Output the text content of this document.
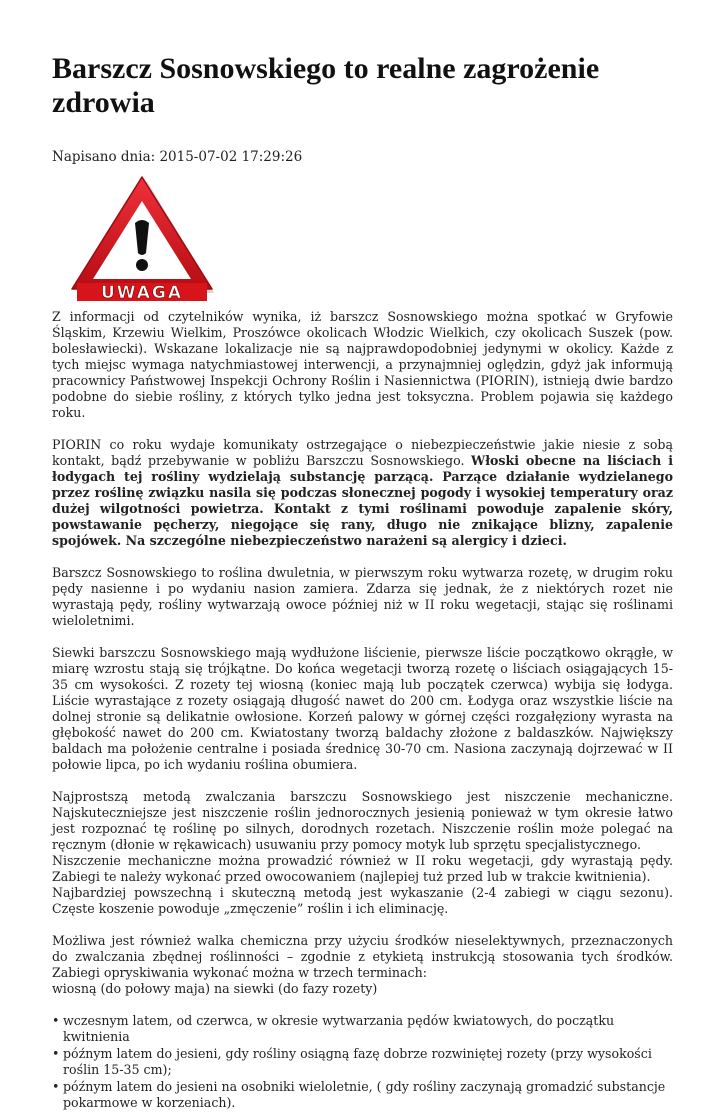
Barszcz Sosnowskiego to realne zagrożenie zdrowia
Napisano dnia: 2015-07-02 17:29:26
UWAGA

Z informacji od czytelników wynika, iż barszcz Sosnowskiego można spotkać w Gryfowie Śląskim, Krzewiu Wielkim, Proszówce okolicach Włodzic Wielkich, czy okolicach Suszek (pow. bolesławiecki). Wskazane lokalizacje nie są najprawdopodobniej jedynymi w okolicy. Każde z tych miejsc wymaga natychmiastowej interwencji, a przynajmniej oględzin, gdyż jak informują pracownicy Państwowej Inspekcji Ochrony Roślin i Nasiennictwa (PIORIN), istnieją dwie bardzo podobne do siebie rośliny, z których tylko jedna jest toksyczna. Problem pojawia się każdego roku.

PIORIN co roku wydaje komunikaty ostrzegające o niebezpieczeństwie jakie niesie z sobą kontakt, bądź przebywanie w pobliżu Barszczu Sosnowskiego. Włoski obecne na liściach i łodygach tej rośliny wydzielają substancję parzącą. Parzące działanie wydzielanego przez roślinę związku nasila się podczas słonecznej pogody i wysokiej temperatury oraz dużej wilgotności powietrza. Kontakt z tymi roślinami powoduje zapalenie skóry, powstawanie pęcherzy, niegojące się rany, długo nie znikające blizny, zapalenie spojówek. Na szczególne niebezpieczeństwo narażeni są alergicy i dzieci.

Barszcz Sosnowskiego to roślina dwuletnia, w pierwszym roku wytwarza rozetę, w drugim roku pędy nasienne i po wydaniu nasion zamiera. Zdarza się jednak, że z niektórych rozet nie wyrastają pędy, rośliny wytwarzają owoce później niż w II roku wegetacji, stając się roślinami wieloletnimi.

Siewki barszczu Sosnowskiego mają wydłużone liścienie, pierwsze liście początkowo okrągłe, w miarę wzrostu stają się trójkątne. Do końca wegetacji tworzą rozetę o liściach osiągających 15-35 cm wysokości. Z rozety tej wiosną (koniec mają lub początek czerwca) wybija się łodyga. Liście wyrastające z rozety osiągają długość nawet do 200 cm. Łodyga oraz wszystkie liście na dolnej stronie są delikatnie owłosione. Korzeń palowy w górnej części rozgałęziony wyrasta na głębokość nawet do 200 cm. Kwiatostany tworzą baldachy złożone z baldaszków. Największy baldach ma położenie centralne i posiada średnicę 30-70 cm. Nasiona zaczynają dojrzewać w II połowie lipca, po ich wydaniu roślina obumiera.

Najprostszą metodą zwalczania barszczu Sosnowskiego jest niszczenie mechaniczne. Najskuteczniejsze jest niszczenie roślin jednorocznych jesienią ponieważ w tym okresie łatwo jest rozpoznać tę roślinę po silnych, dorodnych rozetach. Niszczenie roślin może polegać na ręcznym (dłonie w rękawicach) usuwaniu przy pomocy motyk lub sprzętu specjalistycznego.

Niszczenie mechaniczne można prowadzić również w II roku wegetacji, gdy wyrastają pędy. Zabiegi te należy wykonać przed owocowaniem (najlepiej tuż przed lub w trakcie kwitnienia).

Najbardziej powszechną i skuteczną metodą jest wykaszanie (2-4 zabiegi w ciągu sezonu). Częste koszenie powoduje „zmęczenie” roślin i ich eliminację.

Możliwa jest również walka chemiczna przy użyciu środków nieselektywnych, przeznaczonych do zwalczania zbędnej roślinności – zgodnie z etykietą instrukcją stosowania tych środków. Zabiegi opryskiwania wykonać można w trzech terminach:

wiosną (do połowy maja) na siewki (do fazy rozety)

• wczesnym latem, od czerwca, w okresie wytwarzania pędów kwiatowych, do początku kwitnienia
• późnym latem do jesieni, gdy rośliny osiągną fazę dobrze rozwiniętej rozety (przy wysokości roślin 15-35 cm);
• późnym latem do jesieni na osobniki wieloletnie, ( gdy rośliny zaczynają gromadzić substancje pokarmowe w korzeniach).
